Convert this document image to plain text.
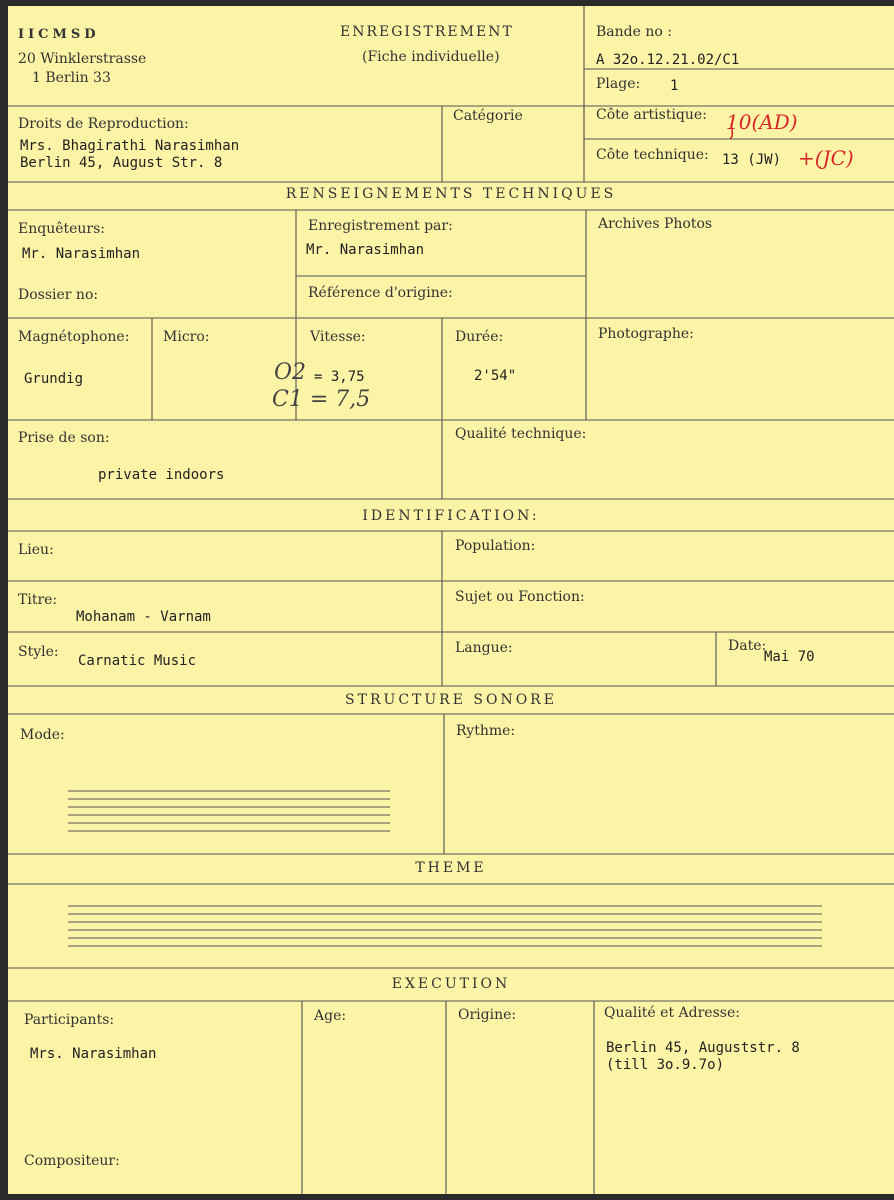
IICMSD
20 Winklerstrasse
1 Berlin 33
ENREGISTREMENT
(Fiche individuelle)
Bande no :
A 32o.12.21.02/C1
Plage: 1
Droits de Reproduction:
Mrs. Bhagirathi Narasimhan
Berlin 45, August Str. 8
Catégorie	Côte artistique: 10(AD)
Côte technique: 13 (JW) +(JC)
RENSEIGNEMENTS TECHNIQUES
Enquêteurs:
Mr. Narasimhan
Enregistrement par:
Mr. Narasimhan
Archives Photos
Dossier no:	Référence d'origine:
Magnétophone:
Grundig
Micro:	Vitesse:
O2 = 3,75
C1 = 7,5
Durée:
2'54"
Photographe:
Prise de son:
private indoors
Qualité technique:
IDENTIFICATION:
Lieu:	Population:
Titre:
Mohanam - Varnam
Sujet ou Fonction:
Style:
Carnatic Music
Langue:	Date:
Mai 70
STRUCTURE SONORE
Mode:	Rythme:
THEME
EXECUTION
Participants:
Mrs. Narasimhan
Age:	Origine:	Qualité et Adresse:
Berlin 45, Auguststr. 8
(till 3o.9.7o)
Compositeur:
